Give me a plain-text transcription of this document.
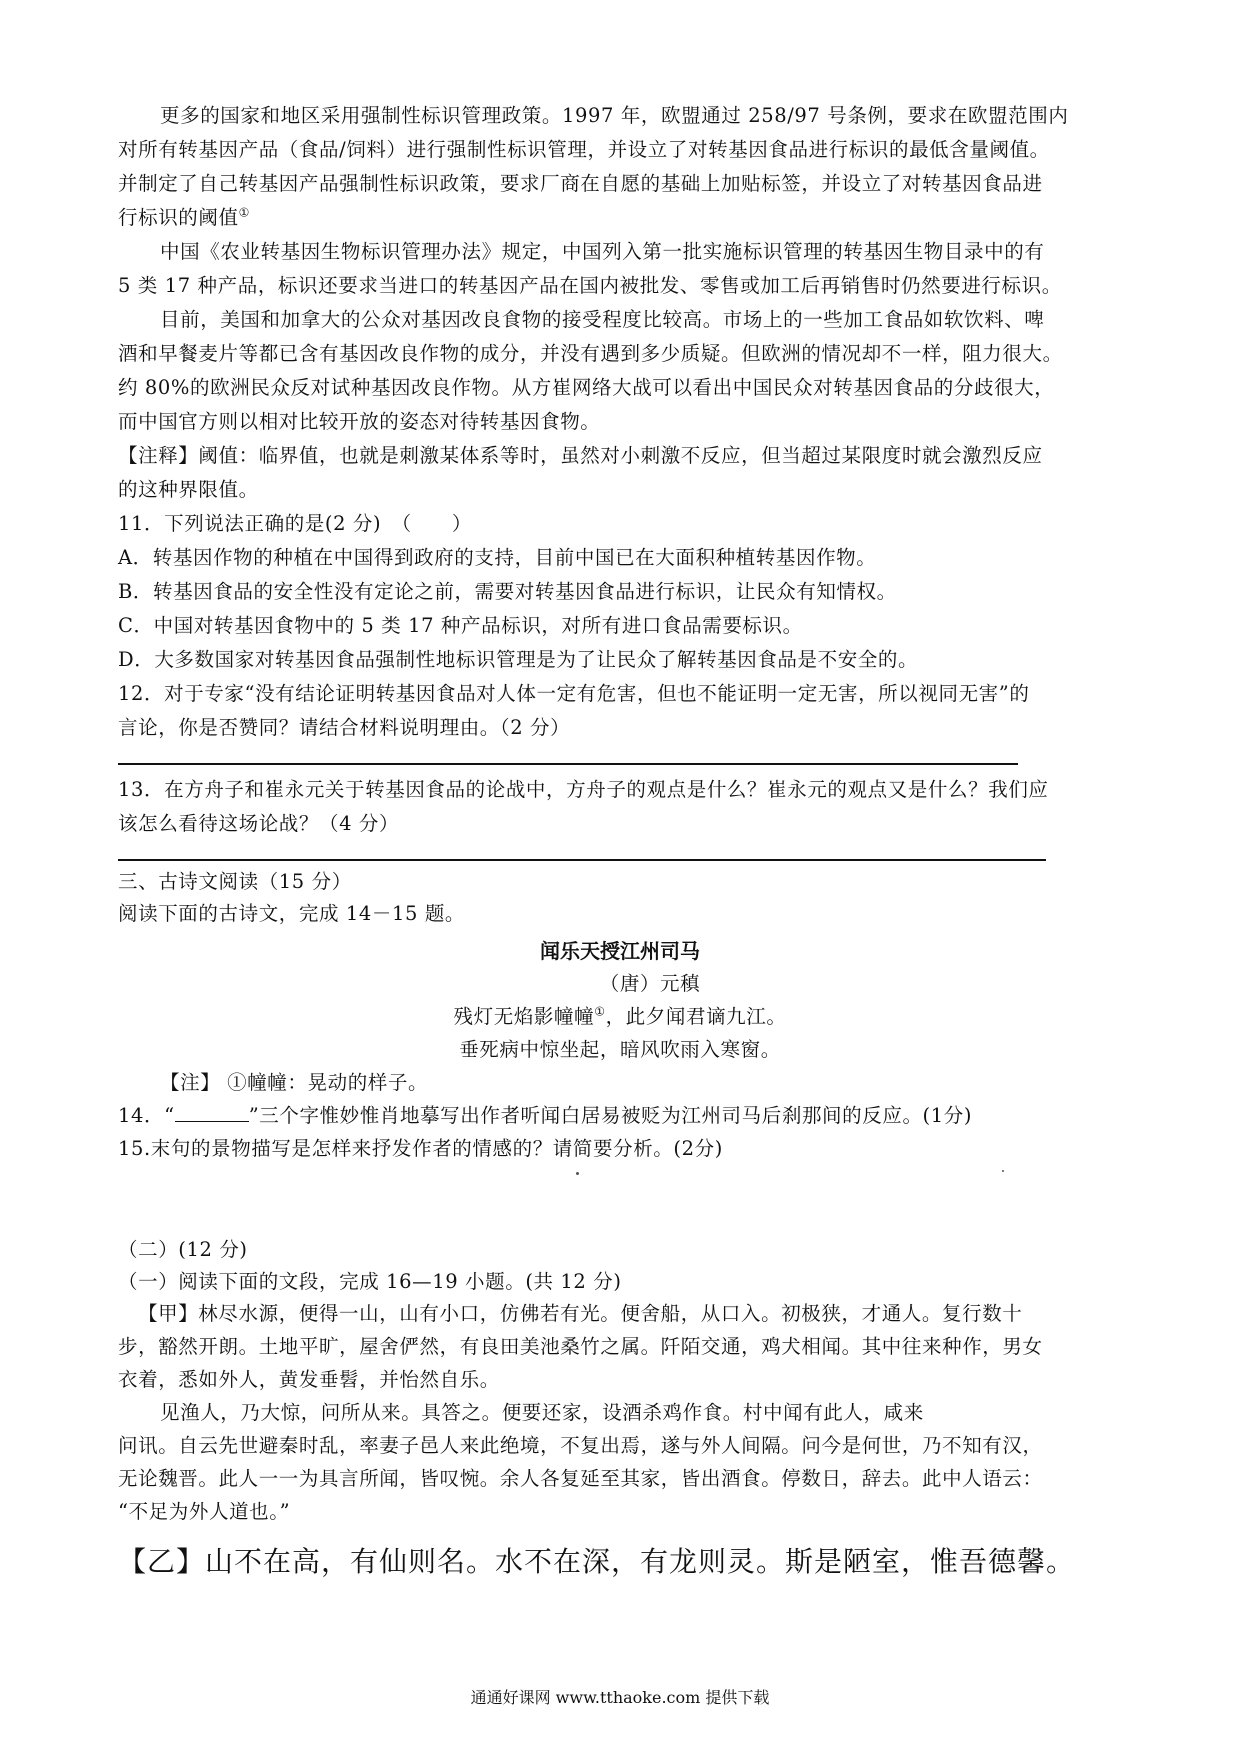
更多的国家和地区采用强制性标识管理政策。1997 年，欧盟通过 258/97 号条例，要求在欧盟范围内
对所有转基因产品（食品/饲料）进行强制性标识管理，并设立了对转基因食品进行标识的最低含量阈值。
并制定了自己转基因产品强制性标识政策，要求厂商在自愿的基础上加贴标签，并设立了对转基因食品进
行标识的阈值①
中国《农业转基因生物标识管理办法》规定，中国列入第一批实施标识管理的转基因生物目录中的有
5 类 17 种产品，标识还要求当进口的转基因产品在国内被批发、零售或加工后再销售时仍然要进行标识。
目前，美国和加拿大的公众对基因改良食物的接受程度比较高。市场上的一些加工食品如软饮料、啤
酒和早餐麦片等都已含有基因改良作物的成分，并没有遇到多少质疑。但欧洲的情况却不一样，阻力很大。
约 80%的欧洲民众反对试种基因改良作物。从方崔网络大战可以看出中国民众对转基因食品的分歧很大，
而中国官方则以相对比较开放的姿态对待转基因食物。
【注释】阈值：临界值，也就是刺激某体系等时，虽然对小刺激不反应，但当超过某限度时就会激烈反应
的这种界限值。
11．下列说法正确的是(2 分)　（　　）
A．转基因作物的种植在中国得到政府的支持，目前中国已在大面积种植转基因作物。
B．转基因食品的安全性没有定论之前，需要对转基因食品进行标识，让民众有知情权。
C．中国对转基因食物中的 5 类 17 种产品标识，对所有进口食品需要标识。
D．大多数国家对转基因食品强制性地标识管理是为了让民众了解转基因食品是不安全的。
12．对于专家“没有结论证明转基因食品对人体一定有危害，但也不能证明一定无害，所以视同无害”的
言论，你是否赞同？请结合材料说明理由。（2 分）
13．在方舟子和崔永元关于转基因食品的论战中，方舟子的观点是什么？崔永元的观点又是什么？我们应
该怎么看待这场论战？（4 分）
三、古诗文阅读（15 分）
阅读下面的古诗文，完成 14－15 题。
闻乐天授江州司马
（唐）元稹
残灯无焰影幢幢①，此夕闻君谪九江。
垂死病中惊坐起，暗风吹雨入寒窗。
【注】 ①幢幢：晃动的样子。
14．“	”三个字惟妙惟肖地摹写出作者听闻白居易被贬为江州司马后刹那间的反应。(1分)
15.末句的景物描写是怎样来抒发作者的情感的？请简要分析。(2分)
（二）(12 分)
（一）阅读下面的文段，完成 16—19 小题。(共 12 分)
【甲】林尽水源，便得一山，山有小口，仿佛若有光。便舍船，从口入。初极狭，才通人。复行数十
步，豁然开朗。土地平旷，屋舍俨然，有良田美池桑竹之属。阡陌交通，鸡犬相闻。其中往来种作，男女
衣着，悉如外人，黄发垂髫，并怡然自乐。
见渔人，乃大惊，问所从来。具答之。便要还家，设酒杀鸡作食。村中闻有此人，咸来
问讯。自云先世避秦时乱，率妻子邑人来此绝境，不复出焉，遂与外人间隔。问今是何世，乃不知有汉，
无论魏晋。此人一一为具言所闻，皆叹惋。余人各复延至其家，皆出酒食。停数日，辞去。此中人语云：
“不足为外人道也。”
【乙】山不在高，有仙则名。水不在深，有龙则灵。斯是陋室，惟吾德馨。
通通好课网 www.tthaoke.com 提供下载
